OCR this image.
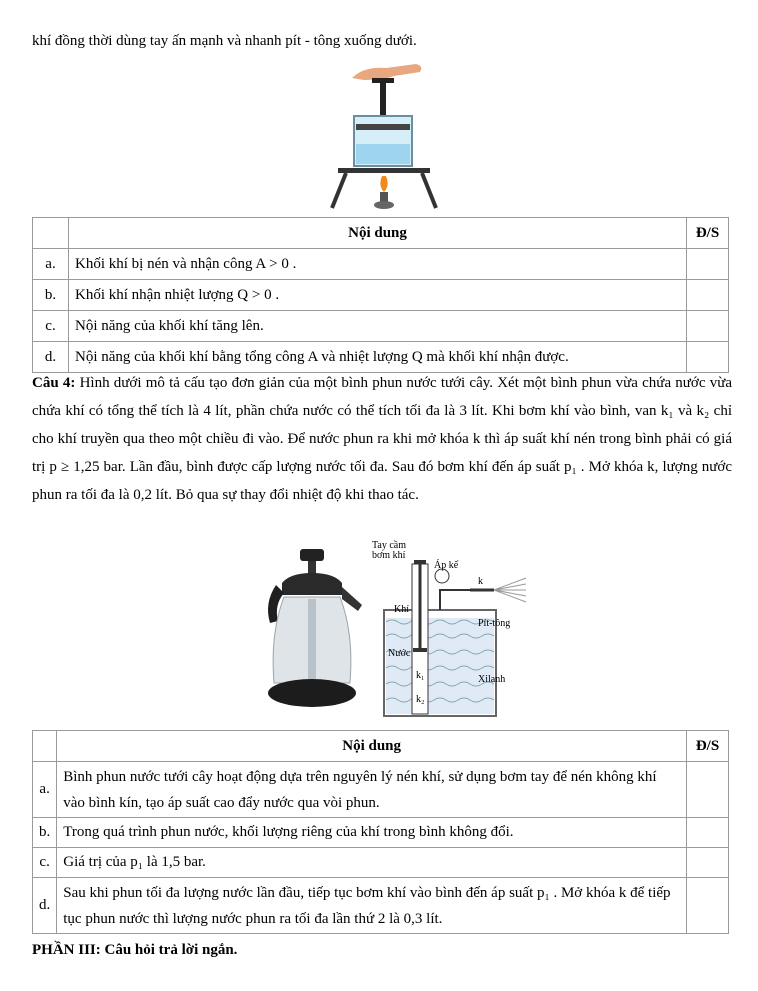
khí đồng thời dùng tay ấn mạnh và nhanh pít - tông xuống dưới.
	Nội dung	Đ/S
a.	Khối khí bị nén và nhận công A > 0 .	
b.	Khối khí nhận nhiệt lượng Q > 0 .	
c.	Nội năng của khối khí tăng lên.	
d.	Nội năng của khối khí bằng tổng công A và nhiệt lượng Q mà khối khí nhận được.	
Câu 4: Hình dưới mô tả cấu tạo đơn giản của một bình phun nước tưới cây. Xét một bình phun vừa chứa nước vừa chứa khí có tổng thể tích là 4 lít, phần chứa nước có thể tích tối đa là 3 lít. Khi bơm khí vào bình, van k₁ và k₂ chỉ cho khí truyền qua theo một chiều đi vào. Để nước phun ra khi mở khóa k thì áp suất khí nén trong bình phải có giá trị p ≥ 1,25 bar. Lần đầu, bình được cấp lượng nước tối đa. Sau đó bơm khí đến áp suất p₁ . Mở khóa k, lượng nước phun ra tối đa là 0,2 lít. Bỏ qua sự thay đổi nhiệt độ khi thao tác.
Tay cầm
bơm khí
Áp kế
k
Khí
Pít-tông
Nước
k₁	Xilanh
k₂
	Nội dung	Đ/S
a.	Bình phun nước tưới cây hoạt động dựa trên nguyên lý nén khí, sử dụng bơm tay để nén không khí vào bình kín, tạo áp suất cao đẩy nước qua vòi phun.	
b.	Trong quá trình phun nước, khối lượng riêng của khí trong bình không đổi.	
c.	Giá trị của p₁ là 1,5 bar.	
d.	Sau khi phun tối đa lượng nước lần đầu, tiếp tục bơm khí vào bình đến áp suất p₁ . Mở khóa k để tiếp tục phun nước thì lượng nước phun ra tối đa lần thứ 2 là 0,3 lít.	
PHẦN III: Câu hỏi trả lời ngắn.
